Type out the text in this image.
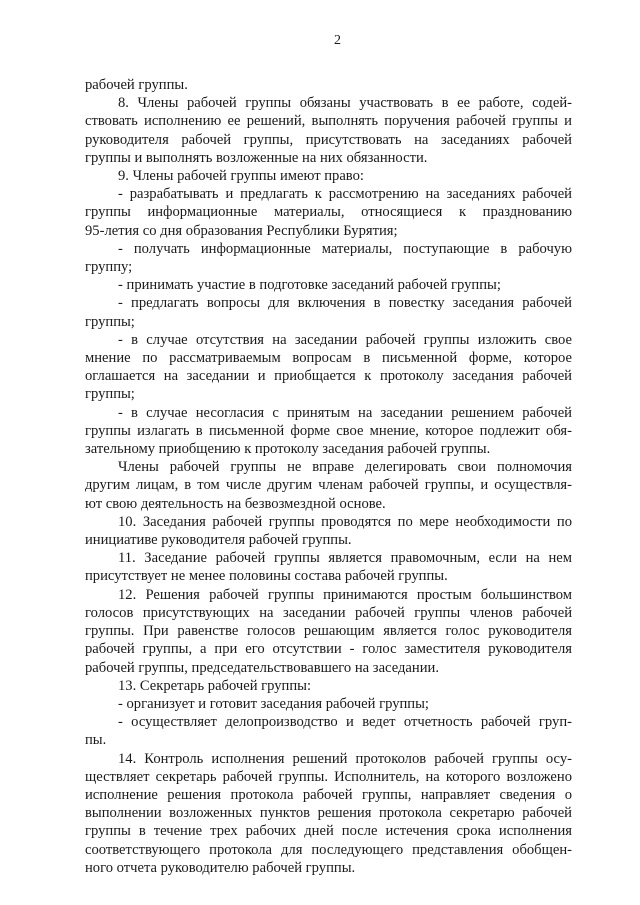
2
рабочей группы.
8. Члены рабочей группы обязаны участвовать в ее работе, содей-
ствовать исполнению ее решений, выполнять поручения рабочей группы и
руководителя рабочей группы, присутствовать на заседаниях рабочей
группы и выполнять возложенные на них обязанности.
9. Члены рабочей группы имеют право:
- разрабатывать и предлагать к рассмотрению на заседаниях рабочей
группы информационные материалы, относящиеся к празднованию
95-летия со дня образования Республики Бурятия;
- получать информационные материалы, поступающие в рабочую
группу;
- принимать участие в подготовке заседаний рабочей группы;
- предлагать вопросы для включения в повестку заседания рабочей
группы;
- в случае отсутствия на заседании рабочей группы изложить свое
мнение по рассматриваемым вопросам в письменной форме, которое
оглашается на заседании и приобщается к протоколу заседания рабочей
группы;
- в случае несогласия с принятым на заседании решением рабочей
группы излагать в письменной форме свое мнение, которое подлежит обя-
зательному приобщению к протоколу заседания рабочей группы.
Члены рабочей группы не вправе делегировать свои полномочия
другим лицам, в том числе другим членам рабочей группы, и осуществля-
ют свою деятельность на безвозмездной основе.
10. Заседания рабочей группы проводятся по мере необходимости по
инициативе руководителя рабочей группы.
11. Заседание рабочей группы является правомочным, если на нем
присутствует не менее половины состава рабочей группы.
12. Решения рабочей группы принимаются простым большинством
голосов присутствующих на заседании рабочей группы членов рабочей
группы. При равенстве голосов решающим является голос руководителя
рабочей группы, а при его отсутствии - голос заместителя руководителя
рабочей группы, председательствовавшего на заседании.
13. Секретарь рабочей группы:
- организует и готовит заседания рабочей группы;
- осуществляет делопроизводство и ведет отчетность рабочей груп-
пы.
14. Контроль исполнения решений протоколов рабочей группы осу-
ществляет секретарь рабочей группы. Исполнитель, на которого возложено
исполнение решения протокола рабочей группы, направляет сведения о
выполнении возложенных пунктов решения протокола секретарю рабочей
группы в течение трех рабочих дней после истечения срока исполнения
соответствующего протокола для последующего представления обобщен-
ного отчета руководителю рабочей группы.
